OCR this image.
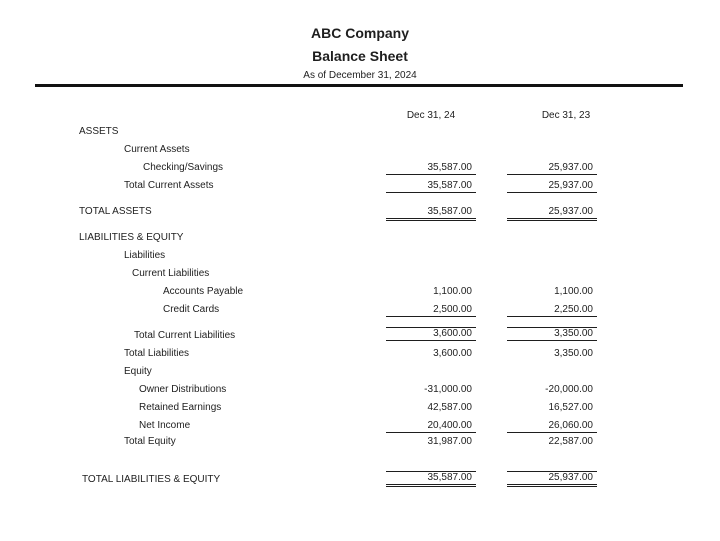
ABC Company
Balance Sheet
As of December 31, 2024
Dec 31, 24	Dec 31, 23
ASSETS
Current Assets
Checking/Savings	35,587.00	25,937.00
Total Current Assets	35,587.00	25,937.00
TOTAL ASSETS	35,587.00	25,937.00
LIABILITIES & EQUITY
Liabilities
Current Liabilities
Accounts Payable	1,100.00	1,100.00
Credit Cards	2,500.00	2,250.00
Total Current Liabilities	3,600.00	3,350.00
Total Liabilities	3,600.00	3,350.00
Equity
Owner Distributions	-31,000.00	-20,000.00
Retained Earnings	42,587.00	16,527.00
Net Income	20,400.00	26,060.00
Total Equity	31,987.00	22,587.00
TOTAL LIABILITIES & EQUITY	35,587.00	25,937.00
